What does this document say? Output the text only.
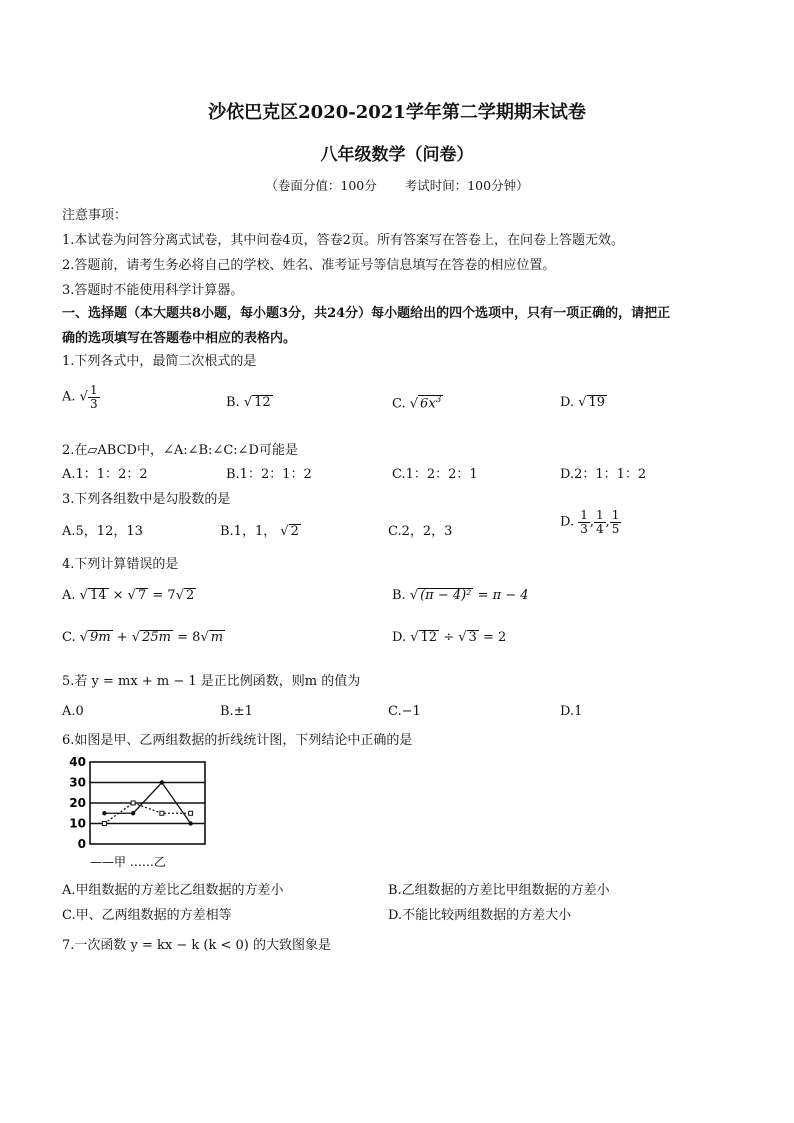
沙依巴克区2020-2021学年第二学期期末试卷
八年级数学（问卷）
（卷面分值：100分 考试时间：100分钟）
注意事项：
1.本试卷为问答分离式试卷，其中问卷4页，答卷2页。所有答案写在答卷上，在问卷上答题无效。
2.答题前，请考生务必将自己的学校、姓名、准考证号等信息填写在答卷的相应位置。
3.答题时不能使用科学计算器。
一、选择题（本大题共8小题，每小题3分，共24分）每小题给出的四个选项中，只有一项正确的，请把正
确的选项填写在答题卷中相应的表格内。
1.下列各式中，最简二次根式的是
A. √ $\frac{1}{3}$	B. √ 12	C. √ $6x^3$	D. √ 19
2.在▱ABCD中，∠A:∠B:∠C:∠D可能是
A.1：1：2：2	B.1：2：1：2	C.1：2：2：1	D.2：1：1：2
3.下列各组数中是勾股数的是
A.5，12，13	B.1，1， √ 2	C.2，2，3
D. $\frac{1}{3}$ , $\frac{1}{4}$ , $\frac{1}{5}$
4.下列计算错误的是
A. √ 14 × √ 7 = 7√ 2	B. √ (π − 4)² = π − 4
C. √ 9m + √ 25m = 8√ m	D. √ 12 ÷ √ 3 = 2
5.若 y = mx + m − 1 是正比例函数，则m 的值为
A.0	B.±1	C.−1	D.1
6.如图是甲、乙两组数据的折线统计图，下列结论中正确的是
40
30
20
10
0
——甲 ……乙
A.甲组数据的方差比乙组数据的方差小	B.乙组数据的方差比甲组数据的方差小
C.甲、乙两组数据的方差相等	D.不能比较两组数据的方差大小
7.一次函数 y = kx − k (k < 0) 的大致图象是
